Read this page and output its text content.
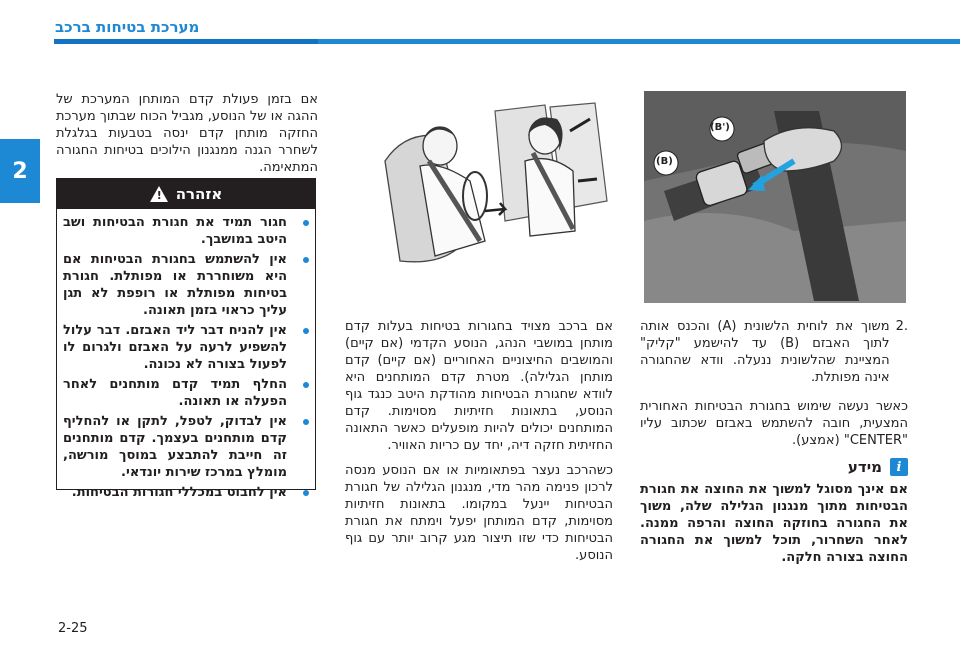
מערכת בטיחות ברכב
2

אם בזמן פעולת קדם המותחן המערכת של ההגה או של הנוסע, מגביל הכוח שבתוך מערכת החזקה מותחן קדם ינסה בטבעות בגלגלת לשחרר הגנה ממנגנון הילוכים בטיחות החגורה המתאימה.

אזהרה
!
חגור תמיד את חגורת הבטיחות ושב היטב במושבך.
אין להשתמש בחגורת הבטיחות אם היא משוחררת או מפותלת. חגורת בטיחות מפותלת או רופפת לא תגן עליך כראוי בזמן תאונה.
אין להניח דבר ליד האבזם. דבר עלול להשפיע לרעה על האבזם ולגרום לו לפעול בצורה לא נכונה.
החלף תמיד קדם מותחנים לאחר הפעלה או תאונה.
אין לבדוק, לטפל, לתקן או להחליף קדם מותחנים בעצמך. קדם מותחנים זה חייבת להתבצע במוסך מורשה, מומלץ במרכז שירות יונדאי.
אין לחבוט במכללי חגורות הבטיחות.

אם ברכב מצויד בחגורות בטיחות בעלות קדם מותחן במושבי הנהג, הנוסע הקדמי (אם קיים) והמושבים החיצוניים האחוריים (אם קיים) קדם מותחן הגלילה). מטרת קדם המותחנים היא לוודא שחגורת הבטיחות מהודקת היטב כנגד גוף הנוסע, בתאונות חזיתיות מסוימות. קדם המותחנים יכולים להיות מופעלים כאשר התאונה החזיתית חזקה דיה, יחד עם כריות האוויר.

כשהרכב נעצר בפתאומיות או אם הנוסע מנסה לרכון פנימה מהר מדי, מנגנון הגלילה של חגורת הבטיחות יינעל במקומו. בתאונות חזיתיות מסוימות, קדם המותחן יפעל וימתח את חגורת הבטיחות כדי שזו תיצור מגע קרוב יותר עם גוף הנוסע.

(B')
(B)
.2

משוך את לוחית הלשונית (A) והכנס אותה לתוך האבזם (B) עד להישמע "קליק" המציינת שהלשונית ננעלה. וודא שהחגורה אינה מפותלת.

כאשר נעשה שימוש בחגורת הבטיחות האחורית המצעית, חובה להשתמש באבזם שכתוב עליו "CENTER" (אמצע).

i
מידע

אם אינך מסוגל למשוך את החוצה את חגורת הבטיחות מתוך מנגנון הגלילה שלה, משוך את החגורה בחוזקה החוצה והרפה ממנה. לאחר השחרור, תוכל למשוך את החגורה החוצה בצורה חלקה.

2-25
